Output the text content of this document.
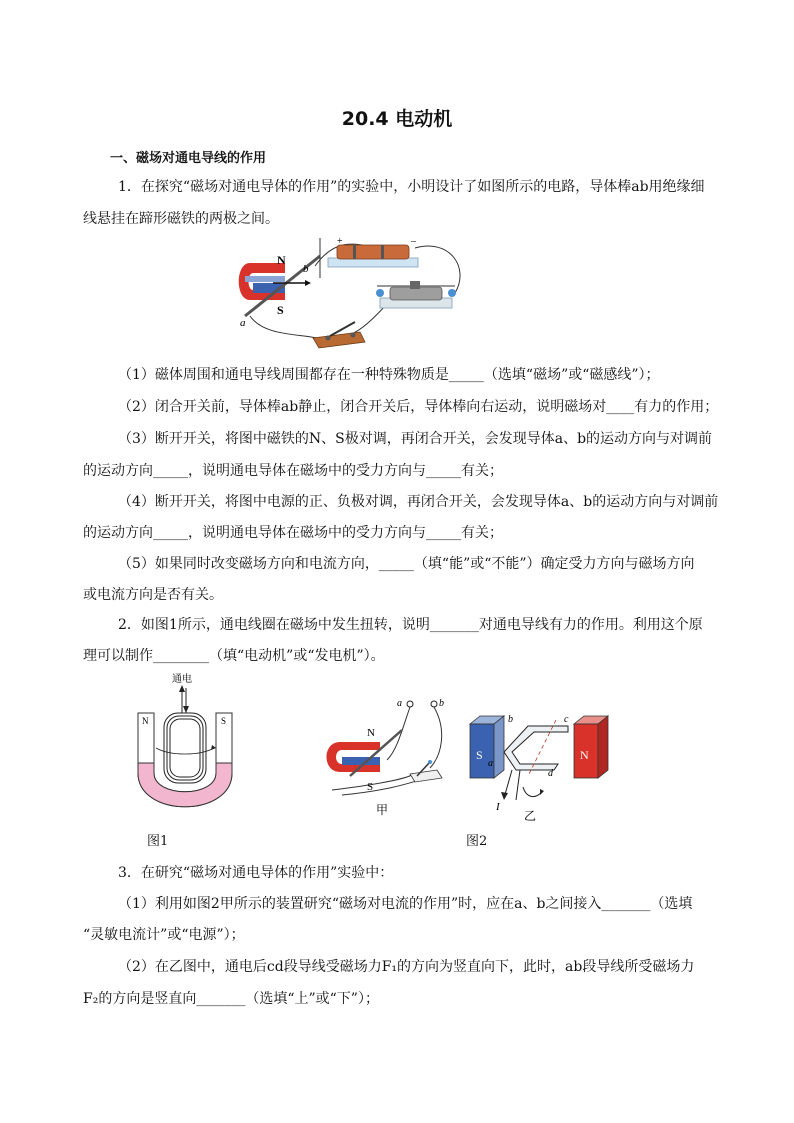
20.4 电动机
一、磁场对通电导线的作用
1．在探究“磁场对通电导体的作用”的实验中，小明设计了如图所示的电路，导体棒ab用绝缘细
线悬挂在蹄形磁铁的两极之间。
N
S
a
b
+	–
（1）磁体周围和通电导线周围都存在一种特殊物质是_____（选填“磁场”或“磁感线”）；
（2）闭合开关前，导体棒ab静止，闭合开关后，导体棒向右运动，说明磁场对____有力的作用；
（3）断开开关，将图中磁铁的N、S极对调，再闭合开关，会发现导体a、b的运动方向与对调前
的运动方向_____，说明通电导体在磁场中的受力方向与_____有关；
（4）断开开关，将图中电源的正、负极对调，再闭合开关，会发现导体a、b的运动方向与对调前
的运动方向_____，说明通电导体在磁场中的受力方向与_____有关；
（5）如果同时改变磁场方向和电流方向，_____（填“能”或“不能”）确定受力方向与磁场方向
或电流方向是否有关。
2．如图1所示，通电线圈在磁场中发生扭转，说明_______对通电导线有力的作用。利用这个原
理可以制作________（填“电动机”或“发电机”）。
通电
N	S
图1
a	b
N
S
甲
S	N
b	c
a
d
I
乙
图2
3．在研究“磁场对通电导体的作用”实验中：
（1）利用如图2甲所示的装置研究“磁场对电流的作用”时，应在a、b之间接入_______（选填
“灵敏电流计”或“电源”）；
（2）在乙图中，通电后cd段导线受磁场力F₁的方向为竖直向下，此时，ab段导线所受磁场力
F₂的方向是竖直向_______（选填“上”或“下”）；
